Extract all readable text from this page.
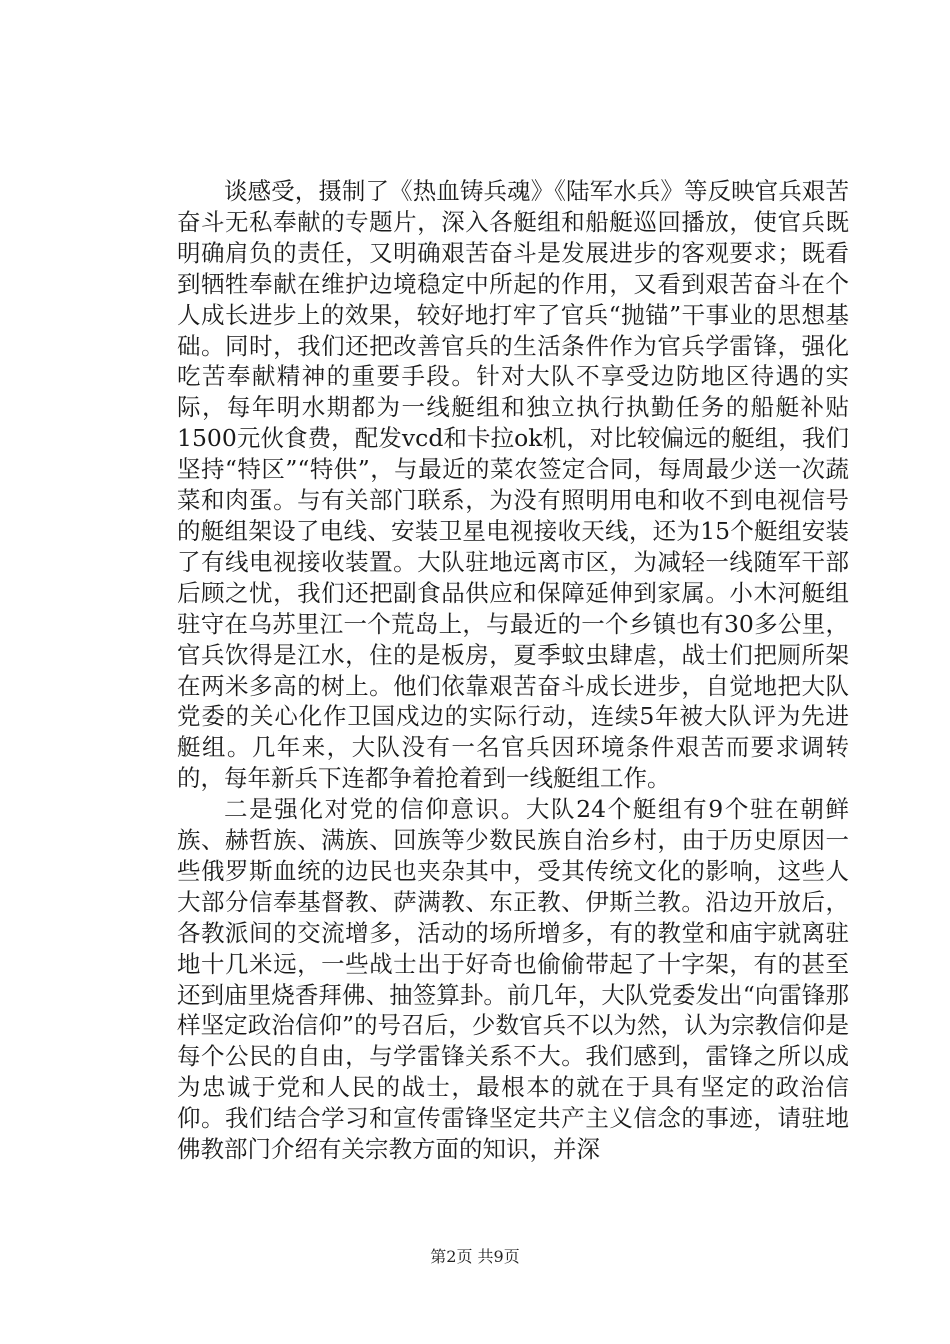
谈感受，摄制了《热血铸兵魂》《陆军水兵》等反映官兵艰苦奋斗无私奉献的专题片，深入各艇组和船艇巡回播放，使官兵既明确肩负的责任，又明确艰苦奋斗是发展进步的客观要求；既看到牺牲奉献在维护边境稳定中所起的作用，又看到艰苦奋斗在个人成长进步上的效果，较好地打牢了官兵“抛锚”干事业的思想基础。同时，我们还把改善官兵的生活条件作为官兵学雷锋，强化吃苦奉献精神的重要手段。针对大队不享受边防地区待遇的实际，每年明水期都为一线艇组和独立执行执勤任务的船艇补贴1500元伙食费，配发vcd和卡拉ok机，对比较偏远的艇组，我们坚持“特区”“特供”，与最近的菜农签定合同，每周最少送一次蔬菜和肉蛋。与有关部门联系，为没有照明用电和收不到电视信号的艇组架设了电线、安装卫星电视接收天线，还为15个艇组安装了有线电视接收装置。大队驻地远离市区，为减轻一线随军干部后顾之忧，我们还把副食品供应和保障延伸到家属。小木河艇组驻守在乌苏里江一个荒岛上，与最近的一个乡镇也有30多公里，官兵饮得是江水，住的是板房，夏季蚊虫肆虐，战士们把厕所架在两米多高的树上。他们依靠艰苦奋斗成长进步，自觉地把大队党委的关心化作卫国戍边的实际行动，连续5年被大队评为先进艇组。几年来，大队没有一名官兵因环境条件艰苦而要求调转的，每年新兵下连都争着抢着到一线艇组工作。

二是强化对党的信仰意识。大队24个艇组有9个驻在朝鲜族、赫哲族、满族、回族等少数民族自治乡村，由于历史原因一些俄罗斯血统的边民也夹杂其中，受其传统文化的影响，这些人大部分信奉基督教、萨满教、东正教、伊斯兰教。沿边开放后，各教派间的交流增多，活动的场所增多，有的教堂和庙宇就离驻地十几米远，一些战士出于好奇也偷偷带起了十字架，有的甚至还到庙里烧香拜佛、抽签算卦。前几年，大队党委发出“向雷锋那样坚定政治信仰”的号召后，少数官兵不以为然，认为宗教信仰是每个公民的自由，与学雷锋关系不大。我们感到，雷锋之所以成为忠诚于党和人民的战士，最根本的就在于具有坚定的政治信仰。我们结合学习和宣传雷锋坚定共产主义信念的事迹，请驻地佛教部门介绍有关宗教方面的知识，并深

第2页 共9页
